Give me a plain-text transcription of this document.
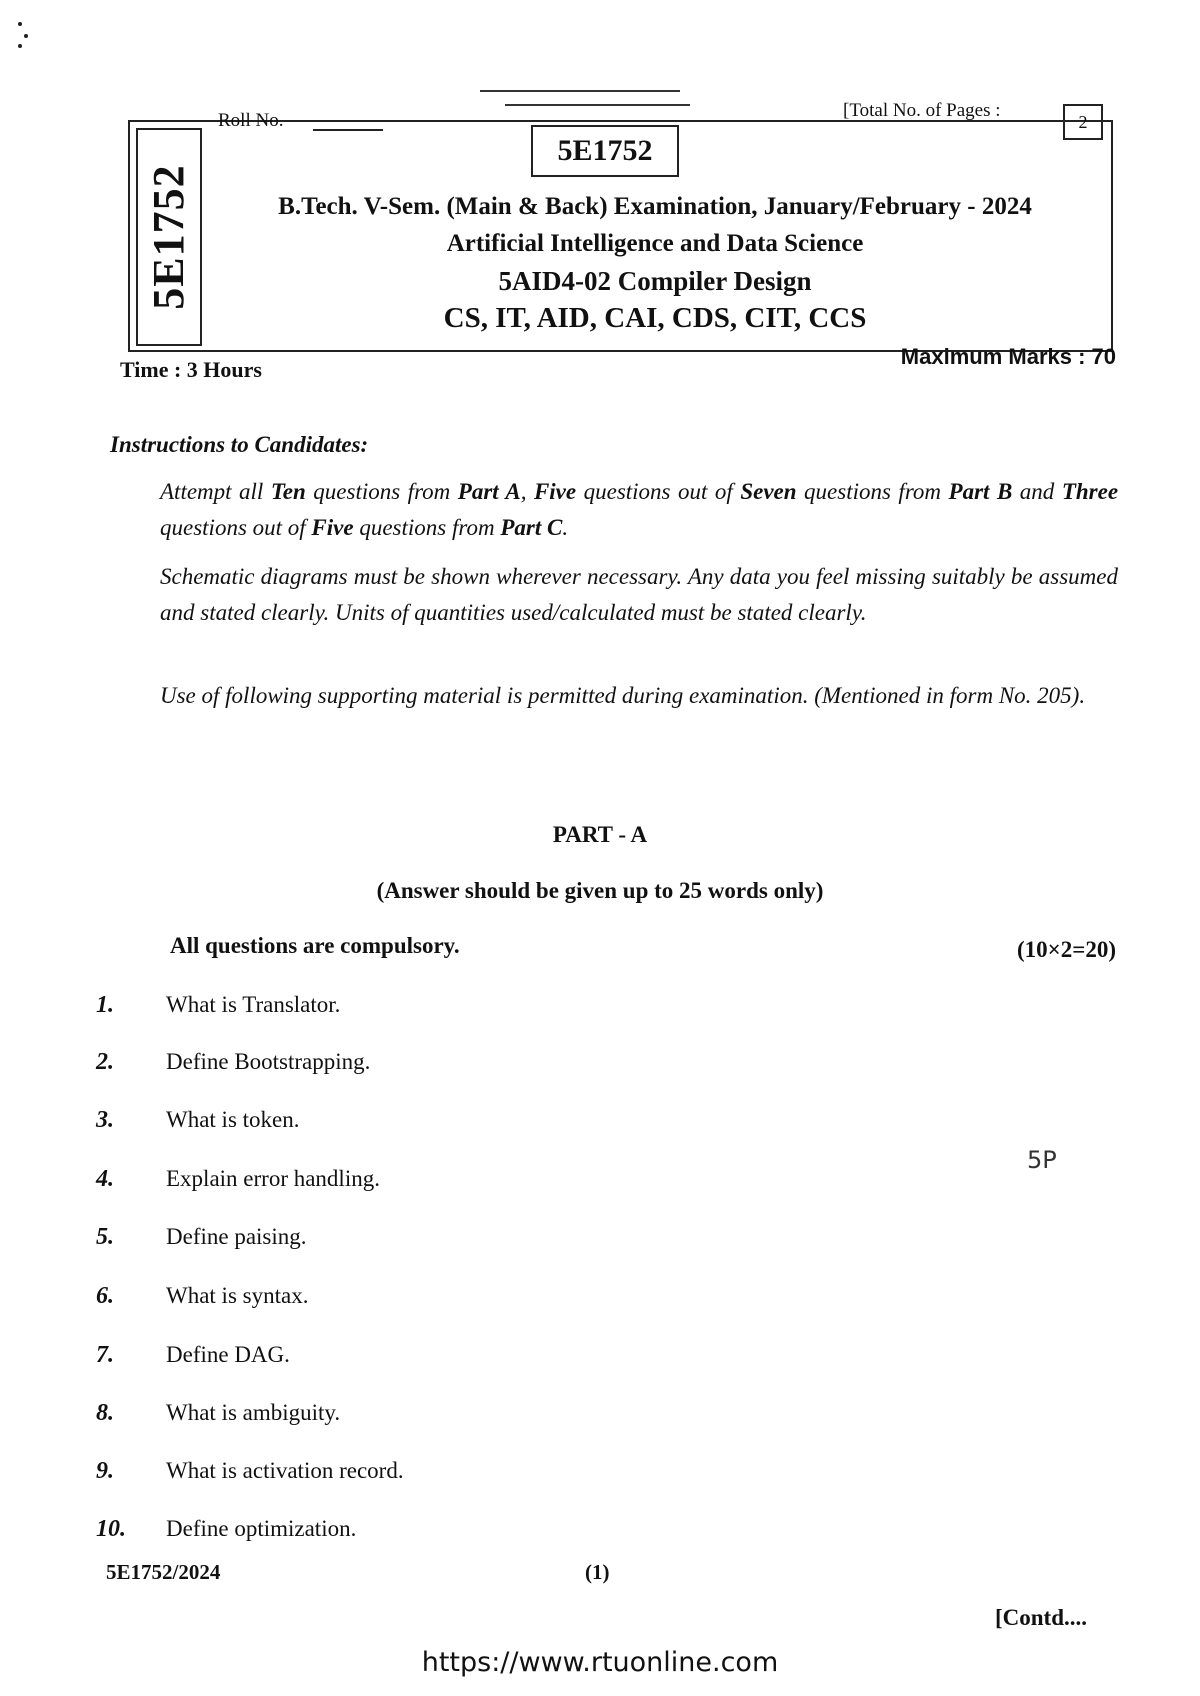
5E1752
Roll No.	[Total No. of Pages :
2
5E1752
B.Tech. V-Sem. (Main & Back) Examination, January/February - 2024
Artificial Intelligence and Data Science
5AID4-02 Compiler Design
CS, IT, AID, CAI, CDS, CIT, CCS
Time : 3 Hours
Maximum Marks : 70
Instructions to Candidates:
Attempt all Ten questions from Part A, Five questions out of Seven questions from Part B and Three questions out of Five questions from Part C.
Schematic diagrams must be shown wherever necessary. Any data you feel missing suitably be assumed and stated clearly. Units of quantities used/calculated must be stated clearly.
Use of following supporting material is permitted during examination. (Mentioned in form No. 205).
PART - A
(Answer should be given up to 25 words only)
All questions are compulsory.	(10×2=20)
1.	What is Translator.
2.	Define Bootstrapping.
3.	What is token.
4.	Explain error handling.
5.	Define paising.
6.	What is syntax.
7.	Define DAG.
8.	What is ambiguity.
9.	What is activation record.
10.	Define optimization.
5P
5E1752/2024	(1)
[Contd....
https://www.rtuonline.com
